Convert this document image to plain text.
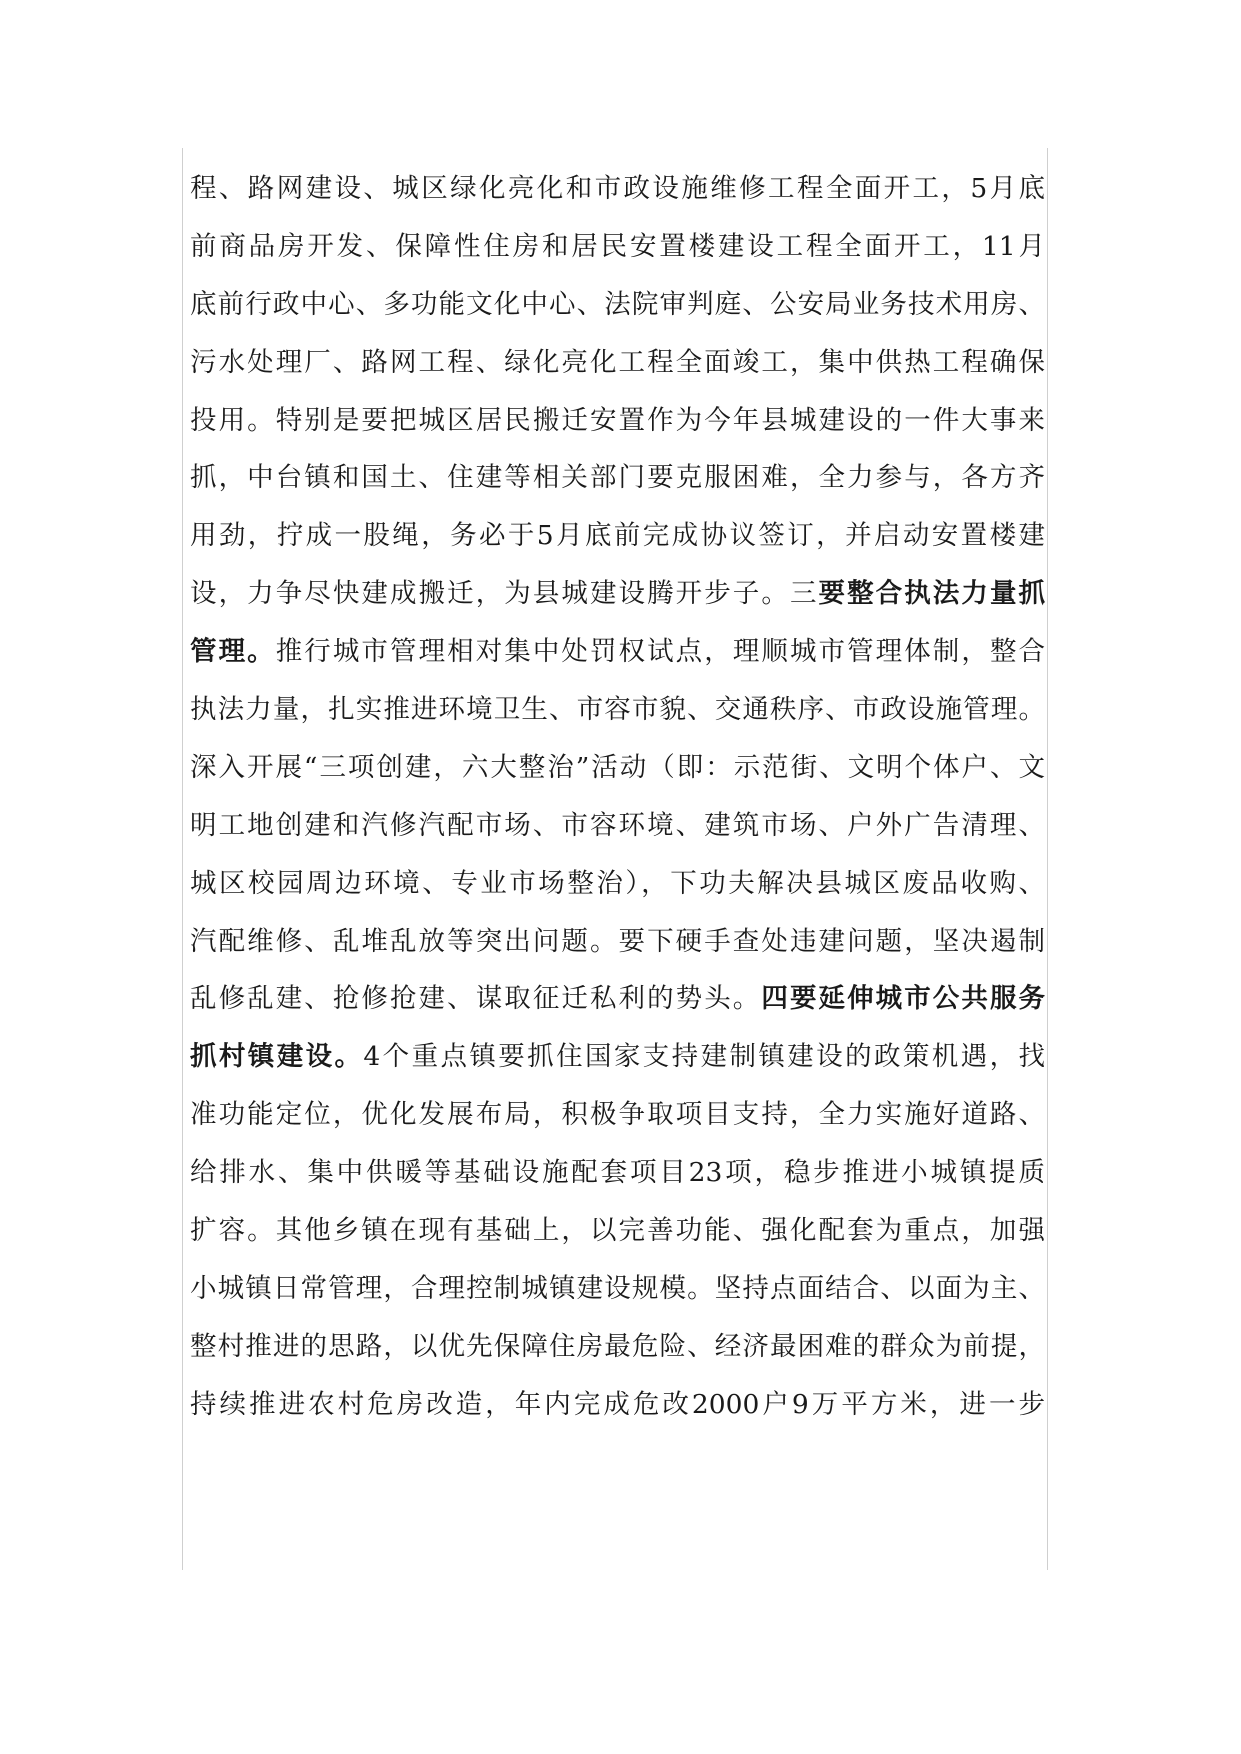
程、路网建设、城区绿化亮化和市政设施维修工程全面开工，5月底
前商品房开发、保障性住房和居民安置楼建设工程全面开工，11月
底前行政中心、多功能文化中心、法院审判庭、公安局业务技术用房、
污水处理厂、路网工程、绿化亮化工程全面竣工，集中供热工程确保
投用。特别是要把城区居民搬迁安置作为今年县城建设的一件大事来
抓，中台镇和国土、住建等相关部门要克服困难，全力参与，各方齐
用劲，拧成一股绳，务必于5月底前完成协议签订，并启动安置楼建
设，力争尽快建成搬迁，为县城建设腾开步子。三要整合执法力量抓
管理。推行城市管理相对集中处罚权试点，理顺城市管理体制，整合
执法力量，扎实推进环境卫生、市容市貌、交通秩序、市政设施管理。
深入开展“三项创建，六大整治”活动（即：示范街、文明个体户、文
明工地创建和汽修汽配市场、市容环境、建筑市场、户外广告清理、
城区校园周边环境、专业市场整治），下功夫解决县城区废品收购、
汽配维修、乱堆乱放等突出问题。要下硬手查处违建问题，坚决遏制
乱修乱建、抢修抢建、谋取征迁私利的势头。四要延伸城市公共服务
抓村镇建设。4个重点镇要抓住国家支持建制镇建设的政策机遇，找
准功能定位，优化发展布局，积极争取项目支持，全力实施好道路、
给排水、集中供暖等基础设施配套项目23项，稳步推进小城镇提质
扩容。其他乡镇在现有基础上，以完善功能、强化配套为重点，加强
小城镇日常管理，合理控制城镇建设规模。坚持点面结合、以面为主、
整村推进的思路，以优先保障住房最危险、经济最困难的群众为前提，
持续推进农村危房改造，年内完成危改2000户9万平方米，进一步
